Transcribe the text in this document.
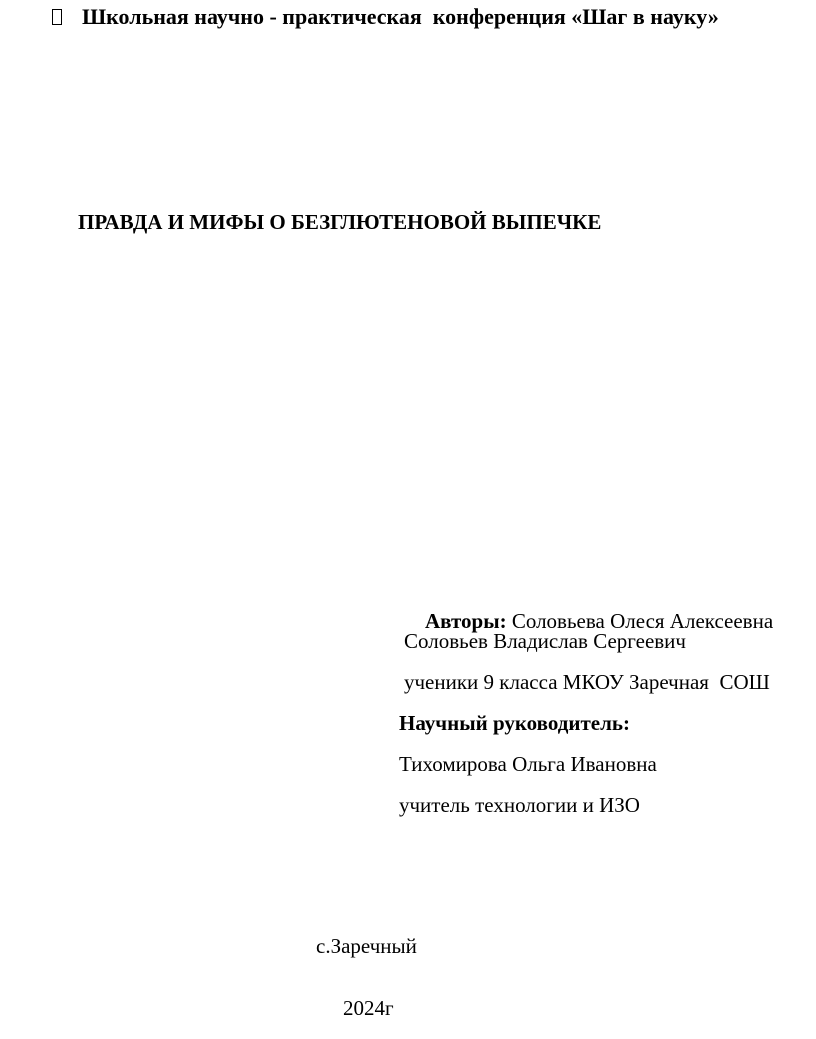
Школьная научно - практическая  конференция «Шаг в науку»
ПРАВДА И МИФЫ О БЕЗГЛЮТЕНОВОЙ ВЫПЕЧКЕ

Авторы: Соловьева Олеся Алексеевна

Соловьев Владислав Сергеевич
ученики 9 класса МКОУ Заречная  СОШ
Научный руководитель:
Тихомирова Ольга Ивановна
учитель технологии и ИЗО
с.Заречный
2024г
